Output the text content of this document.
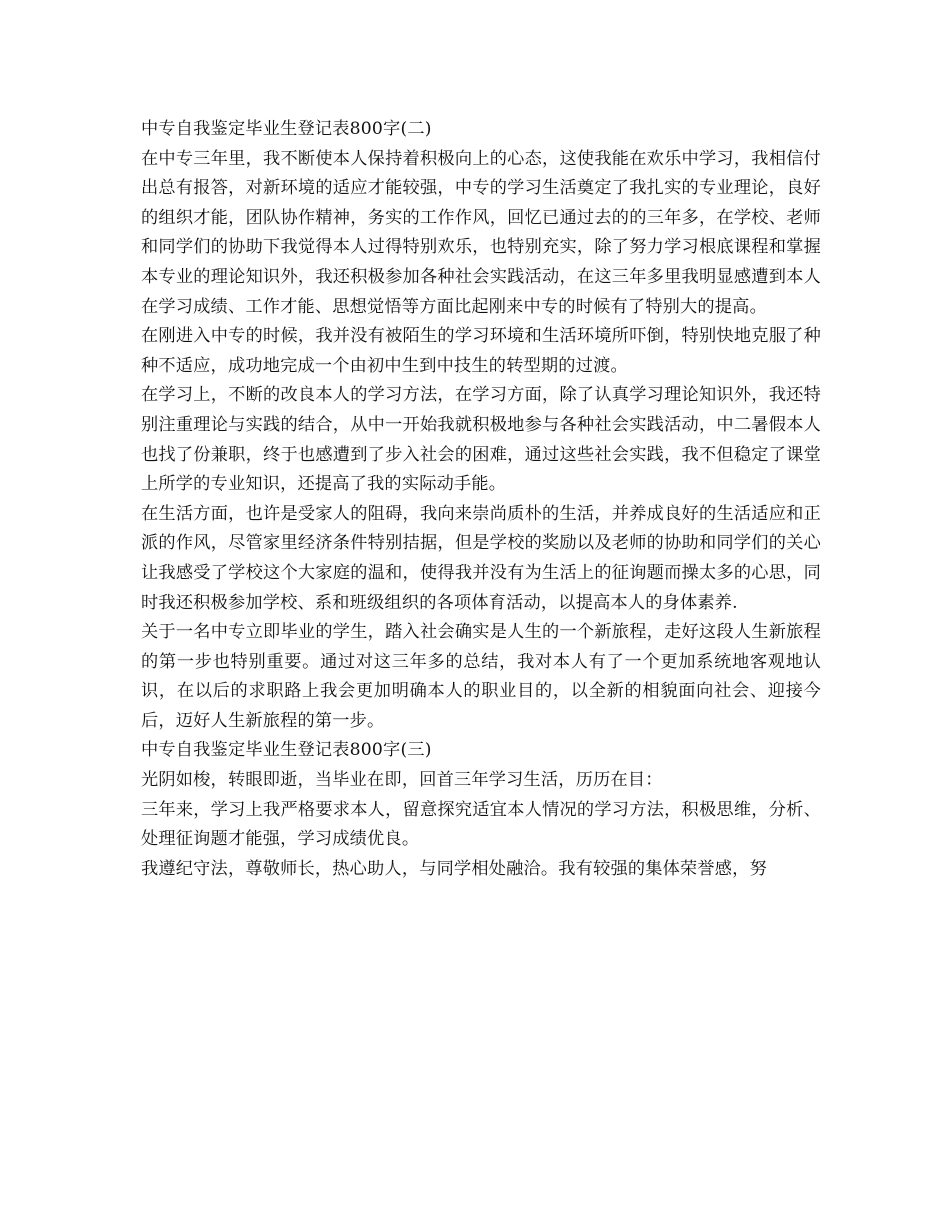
中专自我鉴定毕业生登记表800字(二)

在中专三年里，我不断使本人保持着积极向上的心态，这使我能在欢乐中学习，我相信付出总有报答，对新环境的适应才能较强，中专的学习生活奠定了我扎实的专业理论，良好的组织才能，团队协作精神，务实的工作作风，回忆已通过去的的三年多，在学校、老师和同学们的协助下我觉得本人过得特别欢乐，也特别充实，除了努力学习根底课程和掌握本专业的理论知识外，我还积极参加各种社会实践活动，在这三年多里我明显感遭到本人在学习成绩、工作才能、思想觉悟等方面比起刚来中专的时候有了特别大的提高。

在刚进入中专的时候，我并没有被陌生的学习环境和生活环境所吓倒，特别快地克服了种种不适应，成功地完成一个由初中生到中技生的转型期的过渡。

在学习上，不断的改良本人的学习方法，在学习方面，除了认真学习理论知识外，我还特别注重理论与实践的结合，从中一开始我就积极地参与各种社会实践活动，中二暑假本人也找了份兼职，终于也感遭到了步入社会的困难，通过这些社会实践，我不但稳定了课堂上所学的专业知识，还提高了我的实际动手能。

在生活方面，也许是受家人的阻碍，我向来崇尚质朴的生活，并养成良好的生活适应和正派的作风，尽管家里经济条件特别拮据，但是学校的奖励以及老师的协助和同学们的关心让我感受了学校这个大家庭的温和，使得我并没有为生活上的征询题而操太多的心思，同时我还积极参加学校、系和班级组织的各项体育活动，以提高本人的身体素养.

关于一名中专立即毕业的学生，踏入社会确实是人生的一个新旅程，走好这段人生新旅程的第一步也特别重要。通过对这三年多的总结，我对本人有了一个更加系统地客观地认识，在以后的求职路上我会更加明确本人的职业目的，以全新的相貌面向社会、迎接今后，迈好人生新旅程的第一步。

中专自我鉴定毕业生登记表800字(三)

光阴如梭，转眼即逝，当毕业在即，回首三年学习生活，历历在目：

三年来，学习上我严格要求本人，留意探究适宜本人情况的学习方法，积极思维，分析、处理征询题才能强，学习成绩优良。

我遵纪守法，尊敬师长，热心助人，与同学相处融洽。我有较强的集体荣誉感，努
